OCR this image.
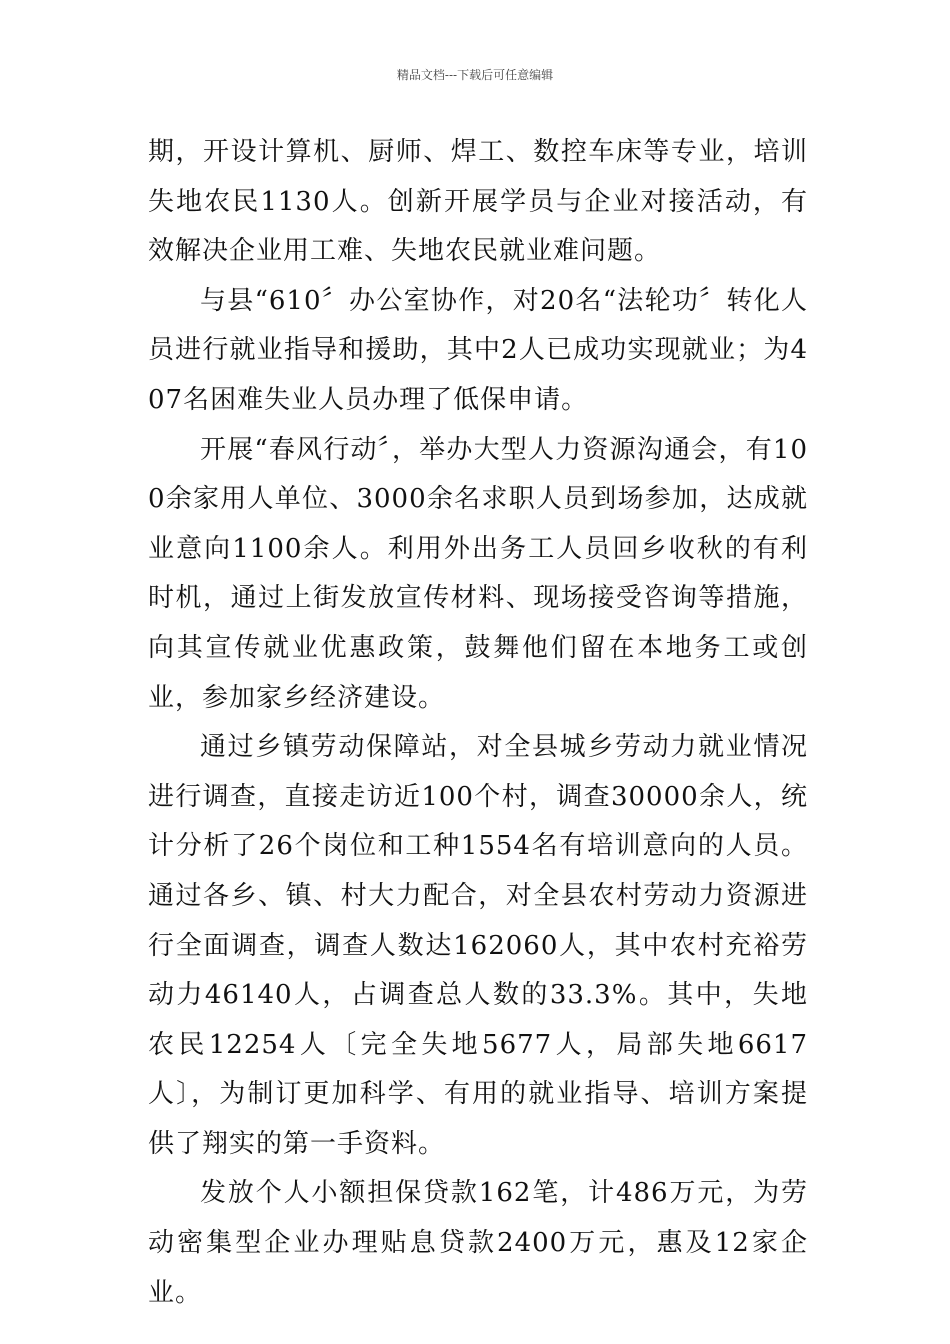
精品文档---下载后可任意编辑

期，开设计算机、厨师、焊工、数控车床等专业，培训失地农民1130人。创新开展学员与企业对接活动，有效解决企业用工难、失地农民就业难问题。

与县“610〞办公室协作，对20名“法轮功〞转化人员进行就业指导和援助，其中2人已成功实现就业；为407名困难失业人员办理了低保申请。

开展“春风行动〞，举办大型人力资源沟通会，有100余家用人单位、3000余名求职人员到场参加，达成就业意向1100余人。利用外出务工人员回乡收秋的有利时机，通过上街发放宣传材料、现场接受咨询等措施，向其宣传就业优惠政策，鼓舞他们留在本地务工或创业，参加家乡经济建设。

通过乡镇劳动保障站，对全县城乡劳动力就业情况进行调查，直接走访近100个村，调查30000余人，统计分析了26个岗位和工种1554名有培训意向的人员。通过各乡、镇、村大力配合，对全县农村劳动力资源进行全面调查，调查人数达162060人，其中农村充裕劳动力46140人，占调查总人数的33.3%。其中，失地农民12254人〔完全失地5677人，局部失地6617人〕，为制订更加科学、有用的就业指导、培训方案提供了翔实的第一手资料。

发放个人小额担保贷款162笔，计486万元，为劳动密集型企业办理贴息贷款2400万元，惠及12家企业。
